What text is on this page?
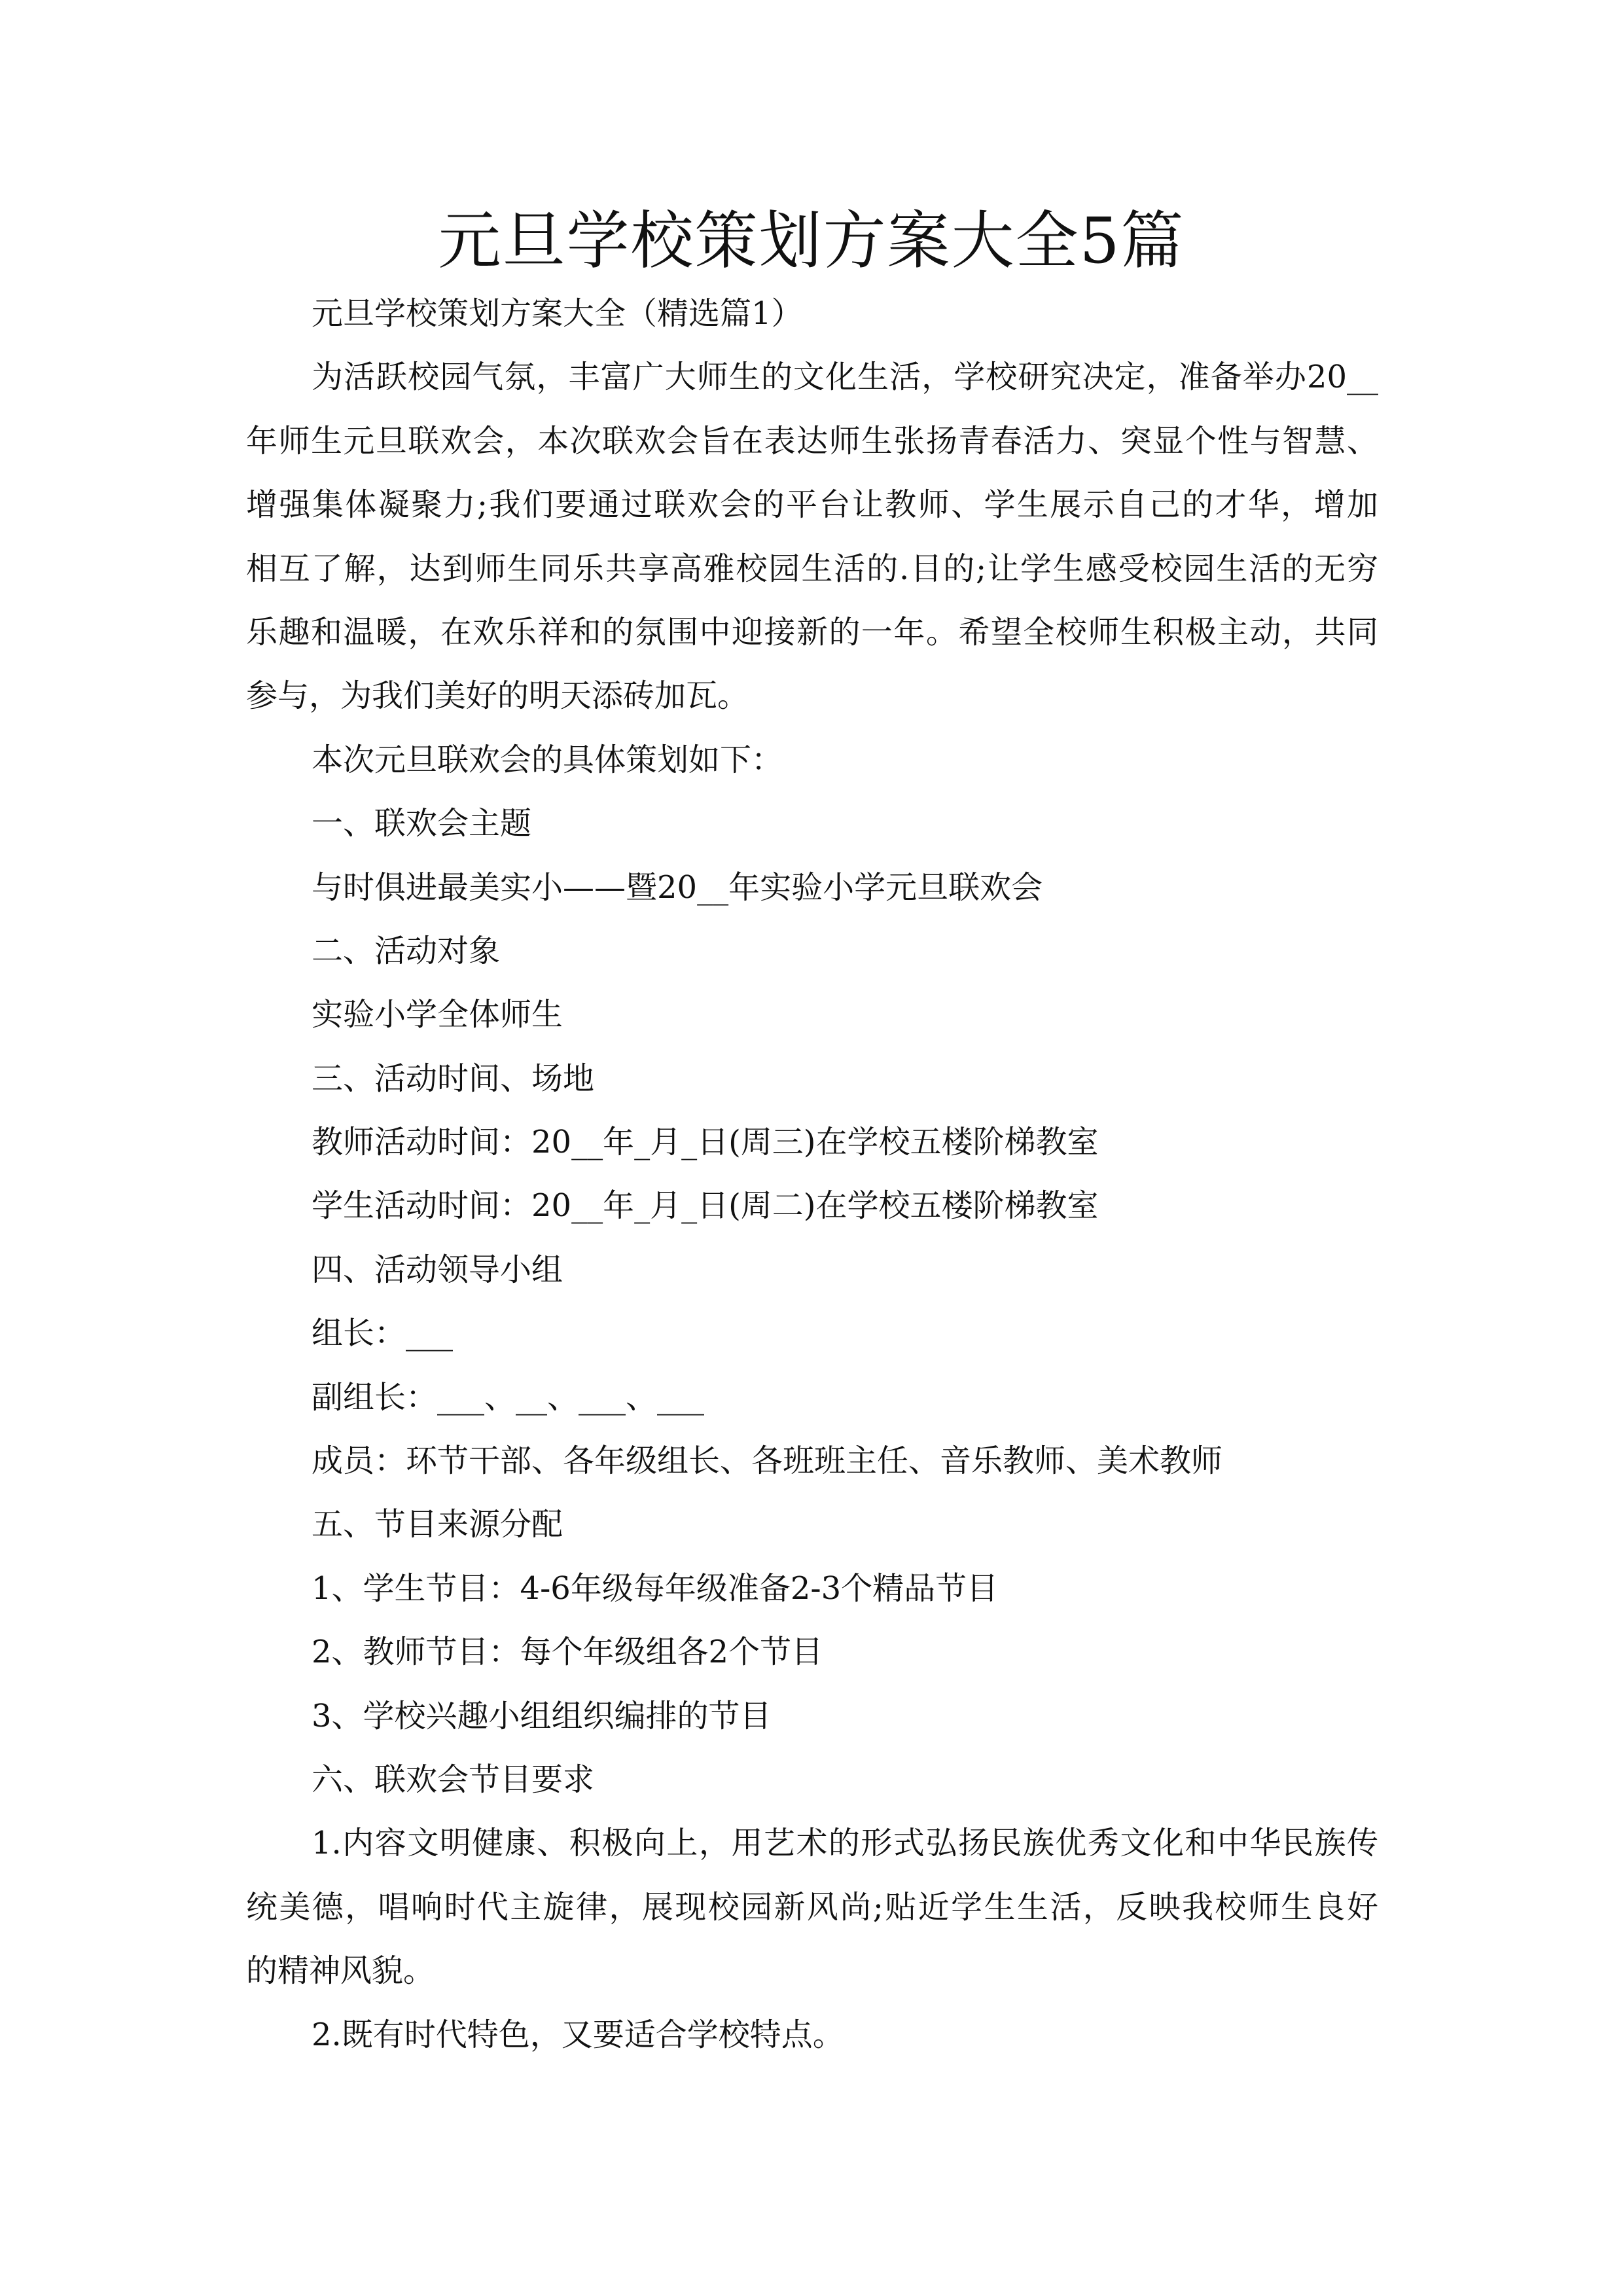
元旦学校策划方案大全5篇
元旦学校策划方案大全（精选篇1）
为活跃校园气氛，丰富广大师生的文化生活，学校研究决定，准备举办20__
年师生元旦联欢会，本次联欢会旨在表达师生张扬青春活力、突显个性与智慧、
增强集体凝聚力;我们要通过联欢会的平台让教师、学生展示自己的才华，增加
相互了解，达到师生同乐共享高雅校园生活的.目的;让学生感受校园生活的无穷
乐趣和温暖，在欢乐祥和的氛围中迎接新的一年。希望全校师生积极主动，共同
参与，为我们美好的明天添砖加瓦。
本次元旦联欢会的具体策划如下：
一、联欢会主题
与时俱进最美实小——暨20__年实验小学元旦联欢会
二、活动对象
实验小学全体师生
三、活动时间、场地
教师活动时间：20__年_月_日(周三)在学校五楼阶梯教室
学生活动时间：20__年_月_日(周二)在学校五楼阶梯教室
四、活动领导小组
组长：___
副组长：___、__、___、___
成员：环节干部、各年级组长、各班班主任、音乐教师、美术教师
五、节目来源分配
1、学生节目：4-6年级每年级准备2-3个精品节目
2、教师节目：每个年级组各2个节目
3、学校兴趣小组组织编排的节目
六、联欢会节目要求
1.内容文明健康、积极向上，用艺术的形式弘扬民族优秀文化和中华民族传
统美德，唱响时代主旋律，展现校园新风尚;贴近学生生活，反映我校师生良好
的精神风貌。
2.既有时代特色，又要适合学校特点。
